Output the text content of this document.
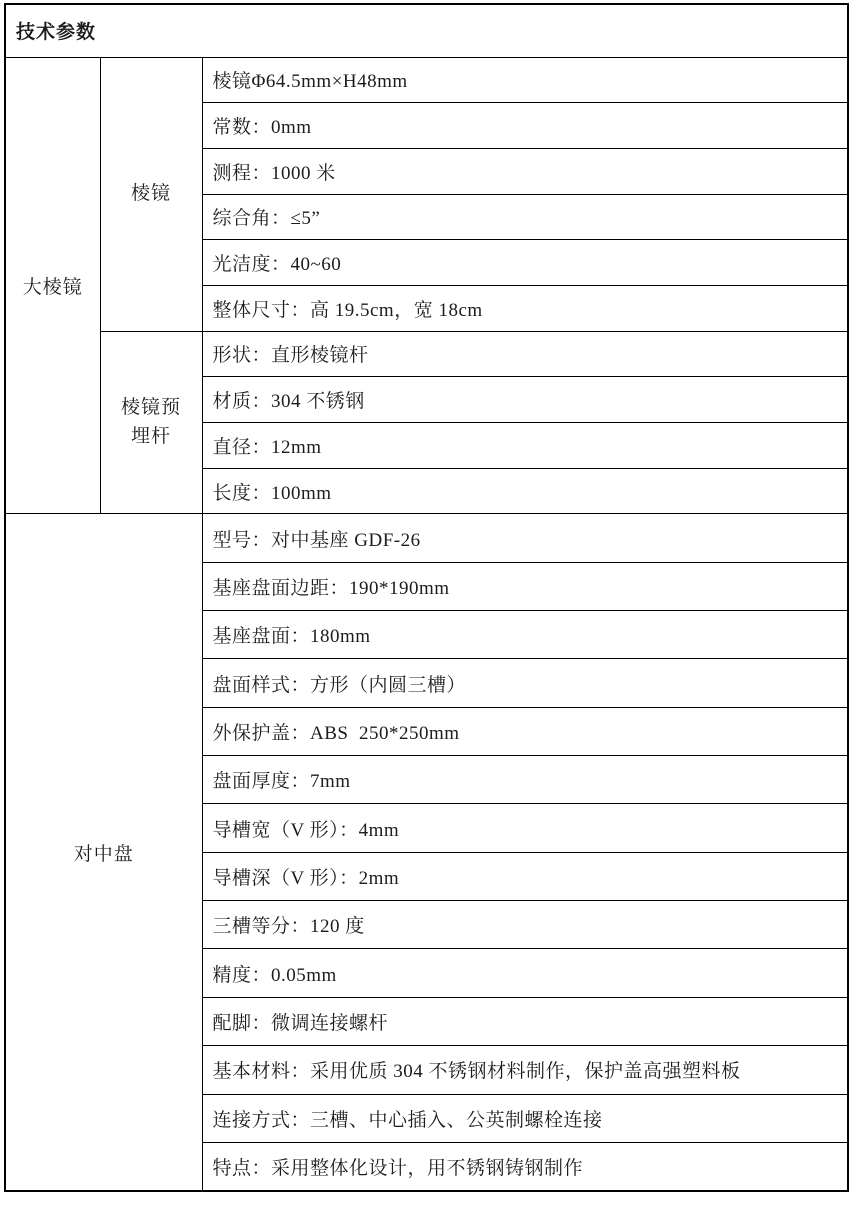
技术参数		
大棱镜	棱镜	棱镜Φ64.5mm×H48mm
		常数：0mm
		测程：1000 米
		综合角：≤5”
		光洁度：40~60
		整体尺寸：高 19.5cm，宽 18cm
	棱镜预埋杆	形状：直形棱镜杆
		材质：304 不锈钢
		直径：12mm
		长度：100mm
对中盘		型号：对中基座 GDF-26
		基座盘面边距：190*190mm
		基座盘面：180mm
		盘面样式：方形（内圆三槽）
		外保护盖：ABS  250*250mm
		盘面厚度：7mm
		导槽宽（V 形）：4mm
		导槽深（V 形）：2mm
		三槽等分：120 度
		精度：0.05mm
		配脚：微调连接螺杆
		基本材料：采用优质 304 不锈钢材料制作，保护盖高强塑料板
		连接方式：三槽、中心插入、公英制螺栓连接
		特点：采用整体化设计，用不锈钢铸钢制作
